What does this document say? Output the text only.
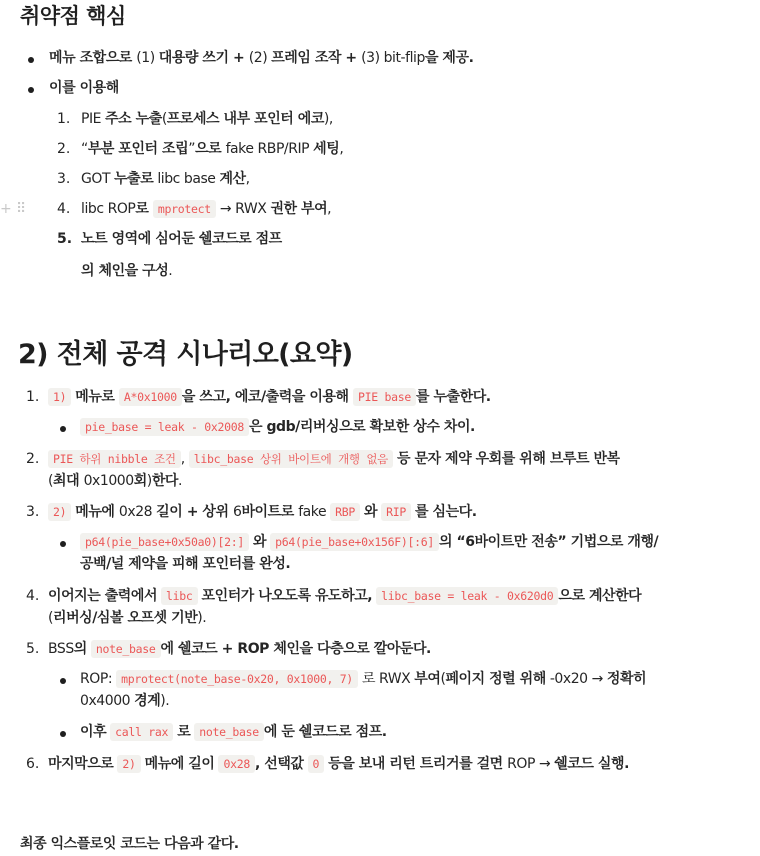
취약점 핵심
메뉴 조합으로 (1) 대용량 쓰기 + (2) 프레임 조작 + (3) bit-flip을 제공.
이를 이용해
1. PIE 주소 누출(프로세스 내부 포인터 에코),
2. “부분 포인터 조립”으로 fake RBP/RIP 세팅,
3. GOT 누출로 libc base 계산,
+ ⠿ 4. libc ROP로 mprotect → RWX 권한 부여,
5. 노트 영역에 심어둔 쉘코드로 점프
의 체인을 구성.
2) 전체 공격 시나리오(요약)
1.	1) 메뉴로 A*0x1000 을 쓰고, 에코/출력을 이용해 PIE base 를 누출한다.
pie_base = leak - 0x2008 은 gdb/리버싱으로 확보한 상수 차이.
2.	PIE 하위 nibble 조건 , libc_base 상위 바이트에 개행 없음 등 문자 제약 우회를 위해 브루트 반복
(최대 0x1000회)한다.
3.	2) 메뉴에 0x28 길이 + 상위 6바이트로 fake RBP 와 RIP 를 심는다.
p64(pie_base+0x50a0)[2:] 와 p64(pie_base+0x156F)[:6] 의 “6바이트만 전송” 기법으로 개행/
공백/널 제약을 피해 포인터를 완성.
4. 이어지는 출력에서 libc 포인터가 나오도록 유도하고, libc_base = leak - 0x620d0 으로 계산한다
(리버싱/심볼 오프셋 기반).
5. BSS의 note_base 에 쉘코드 + ROP 체인을 다층으로 깔아둔다.
ROP: mprotect(note_base-0x20, 0x1000, 7) 로 RWX 부여(페이지 정렬 위해 -0x20 → 정확히
0x4000 경계).
이후 call rax 로 note_base 에 둔 쉘코드로 점프.
6. 마지막으로 2) 메뉴에 길이 0x28 , 선택값 0 등을 보내 리턴 트리거를 걸면 ROP → 쉘코드 실행.
최종 익스플로잇 코드는 다음과 같다.
